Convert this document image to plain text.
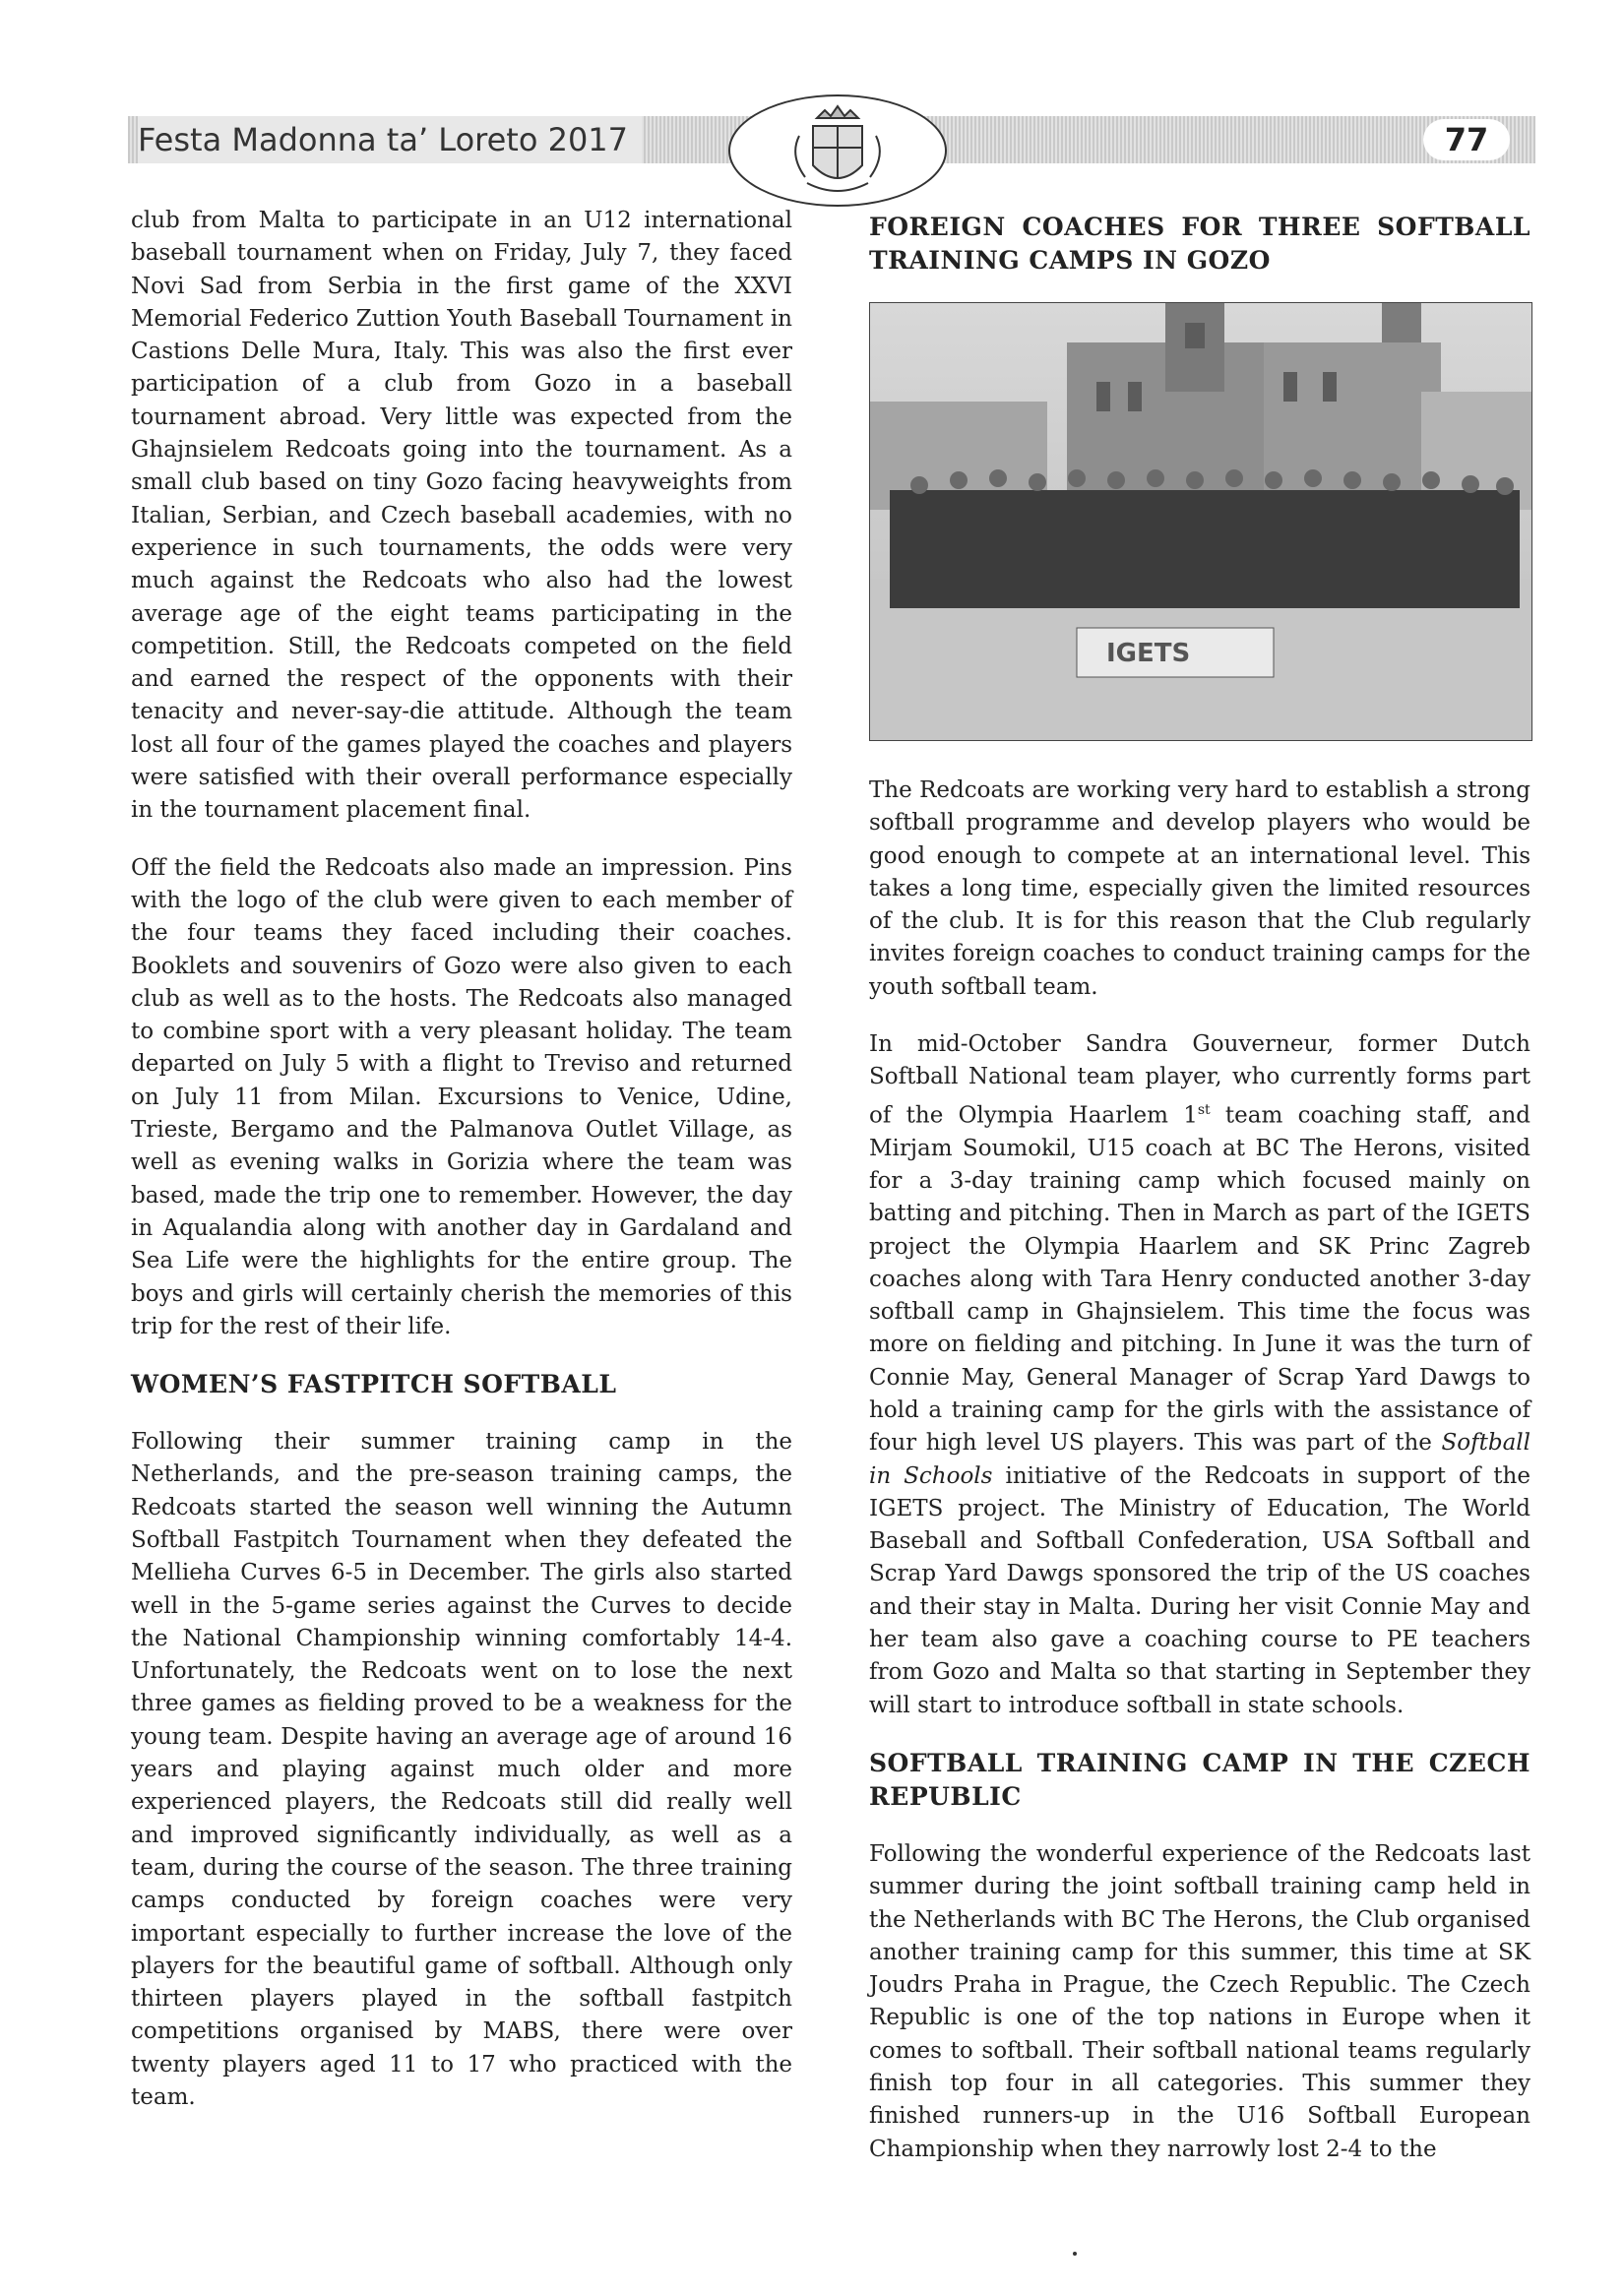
Festa Madonna ta’ Loreto 2017	77

club from Malta to participate in an U12 international baseball tournament when on Friday, July 7, they faced Novi Sad from Serbia in the first game of the XXVI Memorial Federico Zuttion Youth Baseball Tournament in Castions Delle Mura, Italy. This was also the first ever participation of a club from Gozo in a baseball tournament abroad. Very little was expected from the Ghajnsielem Redcoats going into the tournament. As a small club based on tiny Gozo facing heavyweights from Italian, Serbian, and Czech baseball academies, with no experience in such tournaments, the odds were very much against the Redcoats who also had the lowest average age of the eight teams participating in the competition. Still, the Redcoats competed on the field and earned the respect of the opponents with their tenacity and never-say-die attitude. Although the team lost all four of the games played the coaches and players were satisfied with their overall performance especially in the tournament placement final.

Off the field the Redcoats also made an impression. Pins with the logo of the club were given to each member of the four teams they faced including their coaches. Booklets and souvenirs of Gozo were also given to each club as well as to the hosts. The Redcoats also managed to combine sport with a very pleasant holiday. The team departed on July 5 with a flight to Treviso and returned on July 11 from Milan. Excursions to Venice, Udine, Trieste, Bergamo and the Palmanova Outlet Village, as well as evening walks in Gorizia where the team was based, made the trip one to remember. However, the day in Aqualandia along with another day in Gardaland and Sea Life were the highlights for the entire group. The boys and girls will certainly cherish the memories of this trip for the rest of their life.

WOMEN’S FASTPITCH SOFTBALL

Following their summer training camp in the Netherlands, and the pre-season training camps, the Redcoats started the season well winning the Autumn Softball Fastpitch Tournament when they defeated the Mellieha Curves 6-5 in December. The girls also started well in the 5-game series against the Curves to decide the National Championship winning comfortably 14-4. Unfortunately, the Redcoats went on to lose the next three games as fielding proved to be a weakness for the young team. Despite having an average age of around 16 years and playing against much older and more experienced players, the Redcoats still did really well and improved significantly individually, as well as a team, during the course of the season. The three training camps conducted by foreign coaches were very important especially to further increase the love of the players for the beautiful game of softball. Although only thirteen players played in the softball fastpitch competitions organised by MABS, there were over twenty players aged 11 to 17 who practiced with the team.

FOREIGN COACHES FOR THREE SOFTBALL TRAINING CAMPS IN GOZO
IGETS

The Redcoats are working very hard to establish a strong softball programme and develop players who would be good enough to compete at an international level. This takes a long time, especially given the limited resources of the club. It is for this reason that the Club regularly invites foreign coaches to conduct training camps for the youth softball team.

In mid-October Sandra Gouverneur, former Dutch Softball National team player, who currently forms part of the Olympia Haarlem 1st team coaching staff, and Mirjam Soumokil, U15 coach at BC The Herons, visited for a 3-day training camp which focused mainly on batting and pitching. Then in March as part of the IGETS project the Olympia Haarlem and SK Princ Zagreb coaches along with Tara Henry conducted another 3-day softball camp in Ghajnsielem. This time the focus was more on fielding and pitching. In June it was the turn of Connie May, General Manager of Scrap Yard Dawgs to hold a training camp for the girls with the assistance of four high level US players. This was part of the Softball in Schools initiative of the Redcoats in support of the IGETS project. The Ministry of Education, The World Baseball and Softball Confederation, USA Softball and Scrap Yard Dawgs sponsored the trip of the US coaches and their stay in Malta. During her visit Connie May and her team also gave a coaching course to PE teachers from Gozo and Malta so that starting in September they will start to introduce softball in state schools.

SOFTBALL TRAINING CAMP IN THE CZECH REPUBLIC

Following the wonderful experience of the Redcoats last summer during the joint softball training camp held in the Netherlands with BC The Herons, the Club organised another training camp for this summer, this time at SK Joudrs Praha in Prague, the Czech Republic. The Czech Republic is one of the top nations in Europe when it comes to softball. Their softball national teams regularly finish top four in all categories. This summer they finished runners-up in the U16 Softball European Championship when they narrowly lost 2-4 to the
